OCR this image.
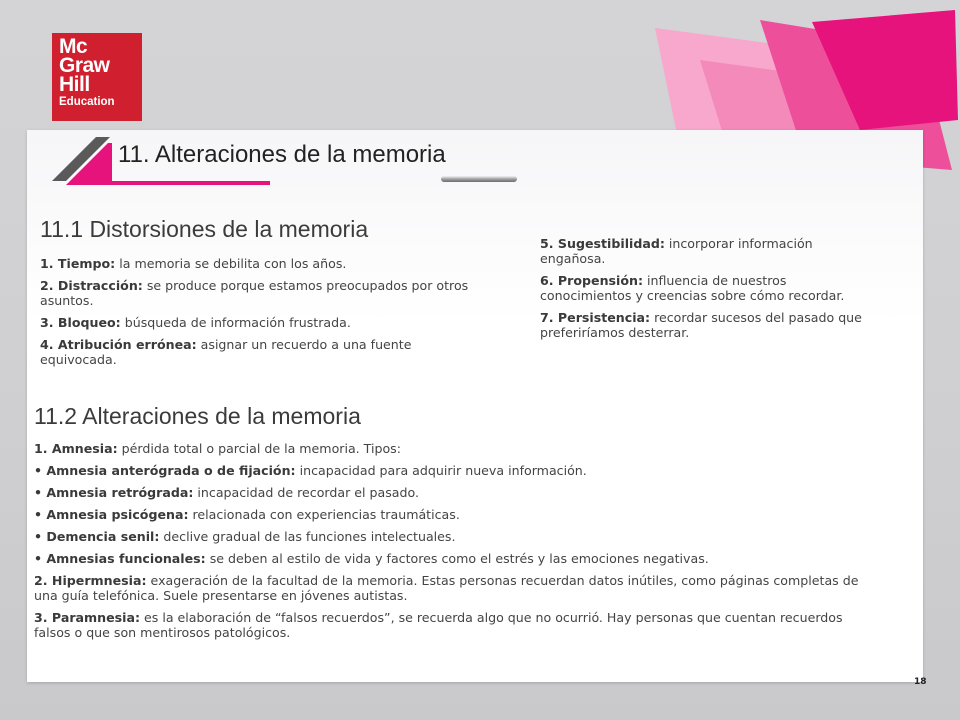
Mc
Graw
Hill
Education
11. Alteraciones de la memoria
11.1 Distorsiones de la memoria

1. Tiempo: la memoria se debilita con los años.

2. Distracción: se produce porque estamos preocupados por otros asuntos.

3. Bloqueo: búsqueda de información frustrada.

4. Atribución errónea: asignar un recuerdo a una fuente equivocada.

5. Sugestibilidad: incorporar información engañosa.

6. Propensión: influencia de nuestros conocimientos y creencias sobre cómo recordar.

7. Persistencia: recordar sucesos del pasado que preferiríamos desterrar.

11.2 Alteraciones de la memoria

1. Amnesia: pérdida total o parcial de la memoria. Tipos:

• Amnesia anterógrada o de fijación: incapacidad para adquirir nueva información.

• Amnesia retrógrada: incapacidad de recordar el pasado.

• Amnesia psicógena: relacionada con experiencias traumáticas.

• Demencia senil: declive gradual de las funciones intelectuales.

• Amnesias funcionales: se deben al estilo de vida y factores como el estrés y las emociones negativas.

2. Hipermnesia: exageración de la facultad de la memoria. Estas personas recuerdan datos inútiles, como páginas completas de una guía telefónica. Suele presentarse en jóvenes autistas.

3. Paramnesia: es la elaboración de “falsos recuerdos”, se recuerda algo que no ocurrió. Hay personas que cuentan recuerdos falsos o que son mentirosos patológicos.

18
